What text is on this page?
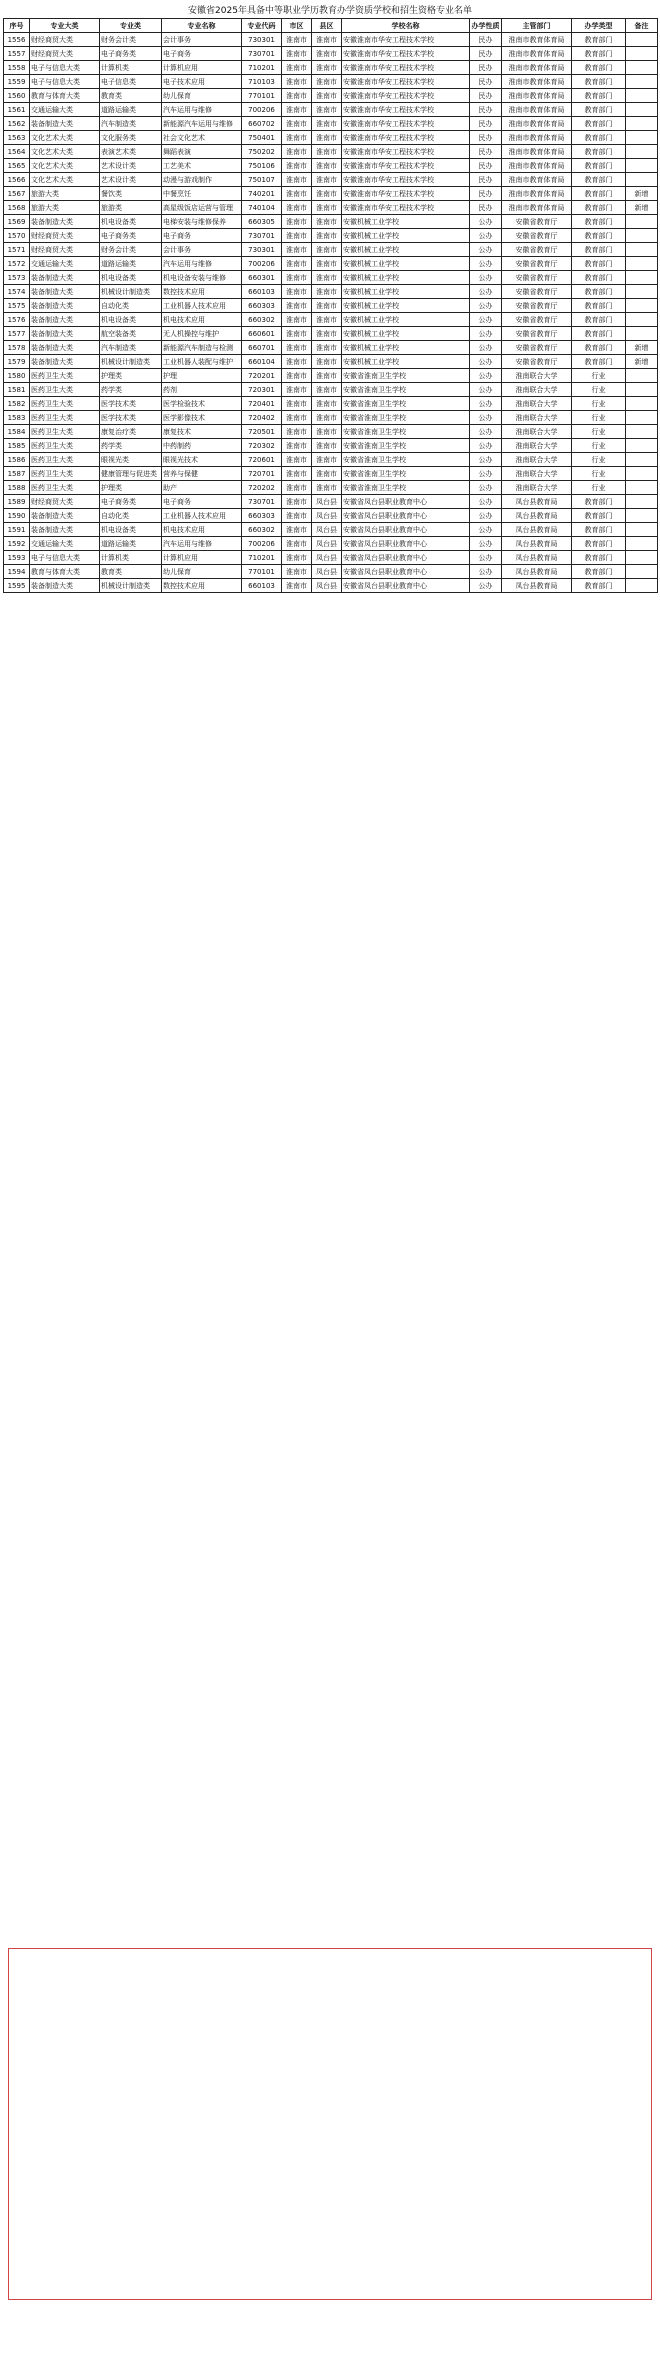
安徽省2025年具备中等职业学历教育办学资质学校和招生资格专业名单
序号	专业大类	专业类	专业名称	专业代码	市区	县区	学校名称	办学性质	主管部门	办学类型	备注
1556	财经商贸大类	财务会计类	会计事务	730301	淮南市	淮南市	安徽淮南市华安工程技术学校	民办	淮南市教育体育局	教育部门	
1557	财经商贸大类	电子商务类	电子商务	730701	淮南市	淮南市	安徽淮南市华安工程技术学校	民办	淮南市教育体育局	教育部门	
1558	电子与信息大类	计算机类	计算机应用	710201	淮南市	淮南市	安徽淮南市华安工程技术学校	民办	淮南市教育体育局	教育部门	
1559	电子与信息大类	电子信息类	电子技术应用	710103	淮南市	淮南市	安徽淮南市华安工程技术学校	民办	淮南市教育体育局	教育部门	
1560	教育与体育大类	教育类	幼儿保育	770101	淮南市	淮南市	安徽淮南市华安工程技术学校	民办	淮南市教育体育局	教育部门	
1561	交通运输大类	道路运输类	汽车运用与维修	700206	淮南市	淮南市	安徽淮南市华安工程技术学校	民办	淮南市教育体育局	教育部门	
1562	装备制造大类	汽车制造类	新能源汽车运用与维修	660702	淮南市	淮南市	安徽淮南市华安工程技术学校	民办	淮南市教育体育局	教育部门	
1563	文化艺术大类	文化服务类	社会文化艺术	750401	淮南市	淮南市	安徽淮南市华安工程技术学校	民办	淮南市教育体育局	教育部门	
1564	文化艺术大类	表演艺术类	舞蹈表演	750202	淮南市	淮南市	安徽淮南市华安工程技术学校	民办	淮南市教育体育局	教育部门	
1565	文化艺术大类	艺术设计类	工艺美术	750106	淮南市	淮南市	安徽淮南市华安工程技术学校	民办	淮南市教育体育局	教育部门	
1566	文化艺术大类	艺术设计类	动漫与游戏制作	750107	淮南市	淮南市	安徽淮南市华安工程技术学校	民办	淮南市教育体育局	教育部门	
1567	旅游大类	餐饮类	中餐烹饪	740201	淮南市	淮南市	安徽淮南市华安工程技术学校	民办	淮南市教育体育局	教育部门	新增
1568	旅游大类	旅游类	高星级饭店运营与管理	740104	淮南市	淮南市	安徽淮南市华安工程技术学校	民办	淮南市教育体育局	教育部门	新增
1569	装备制造大类	机电设备类	电梯安装与维修保养	660305	淮南市	淮南市	安徽机械工业学校	公办	安徽省教育厅	教育部门	
1570	财经商贸大类	电子商务类	电子商务	730701	淮南市	淮南市	安徽机械工业学校	公办	安徽省教育厅	教育部门	
1571	财经商贸大类	财务会计类	会计事务	730301	淮南市	淮南市	安徽机械工业学校	公办	安徽省教育厅	教育部门	
1572	交通运输大类	道路运输类	汽车运用与维修	700206	淮南市	淮南市	安徽机械工业学校	公办	安徽省教育厅	教育部门	
1573	装备制造大类	机电设备类	机电设备安装与维修	660301	淮南市	淮南市	安徽机械工业学校	公办	安徽省教育厅	教育部门	
1574	装备制造大类	机械设计制造类	数控技术应用	660103	淮南市	淮南市	安徽机械工业学校	公办	安徽省教育厅	教育部门	
1575	装备制造大类	自动化类	工业机器人技术应用	660303	淮南市	淮南市	安徽机械工业学校	公办	安徽省教育厅	教育部门	
1576	装备制造大类	机电设备类	机电技术应用	660302	淮南市	淮南市	安徽机械工业学校	公办	安徽省教育厅	教育部门	
1577	装备制造大类	航空装备类	无人机操控与维护	660601	淮南市	淮南市	安徽机械工业学校	公办	安徽省教育厅	教育部门	
1578	装备制造大类	汽车制造类	新能源汽车制造与检测	660701	淮南市	淮南市	安徽机械工业学校	公办	安徽省教育厅	教育部门	新增
1579	装备制造大类	机械设计制造类	工业机器人装配与维护	660104	淮南市	淮南市	安徽机械工业学校	公办	安徽省教育厅	教育部门	新增
1580	医药卫生大类	护理类	护理	720201	淮南市	淮南市	安徽省淮南卫生学校	公办	淮南联合大学	行业	
1581	医药卫生大类	药学类	药剂	720301	淮南市	淮南市	安徽省淮南卫生学校	公办	淮南联合大学	行业	
1582	医药卫生大类	医学技术类	医学检验技术	720401	淮南市	淮南市	安徽省淮南卫生学校	公办	淮南联合大学	行业	
1583	医药卫生大类	医学技术类	医学影像技术	720402	淮南市	淮南市	安徽省淮南卫生学校	公办	淮南联合大学	行业	
1584	医药卫生大类	康复治疗类	康复技术	720501	淮南市	淮南市	安徽省淮南卫生学校	公办	淮南联合大学	行业	
1585	医药卫生大类	药学类	中药制药	720302	淮南市	淮南市	安徽省淮南卫生学校	公办	淮南联合大学	行业	
1586	医药卫生大类	眼视光类	眼视光技术	720601	淮南市	淮南市	安徽省淮南卫生学校	公办	淮南联合大学	行业	
1587	医药卫生大类	健康管理与促进类	营养与保健	720701	淮南市	淮南市	安徽省淮南卫生学校	公办	淮南联合大学	行业	
1588	医药卫生大类	护理类	助产	720202	淮南市	淮南市	安徽省淮南卫生学校	公办	淮南联合大学	行业	
1589	财经商贸大类	电子商务类	电子商务	730701	淮南市	凤台县	安徽省凤台县职业教育中心	公办	凤台县教育局	教育部门	
1590	装备制造大类	自动化类	工业机器人技术应用	660303	淮南市	凤台县	安徽省凤台县职业教育中心	公办	凤台县教育局	教育部门	
1591	装备制造大类	机电设备类	机电技术应用	660302	淮南市	凤台县	安徽省凤台县职业教育中心	公办	凤台县教育局	教育部门	
1592	交通运输大类	道路运输类	汽车运用与维修	700206	淮南市	凤台县	安徽省凤台县职业教育中心	公办	凤台县教育局	教育部门	
1593	电子与信息大类	计算机类	计算机应用	710201	淮南市	凤台县	安徽省凤台县职业教育中心	公办	凤台县教育局	教育部门	
1594	教育与体育大类	教育类	幼儿保育	770101	淮南市	凤台县	安徽省凤台县职业教育中心	公办	凤台县教育局	教育部门	
1595	装备制造大类	机械设计制造类	数控技术应用	660103	淮南市	凤台县	安徽省凤台县职业教育中心	公办	凤台县教育局	教育部门	
